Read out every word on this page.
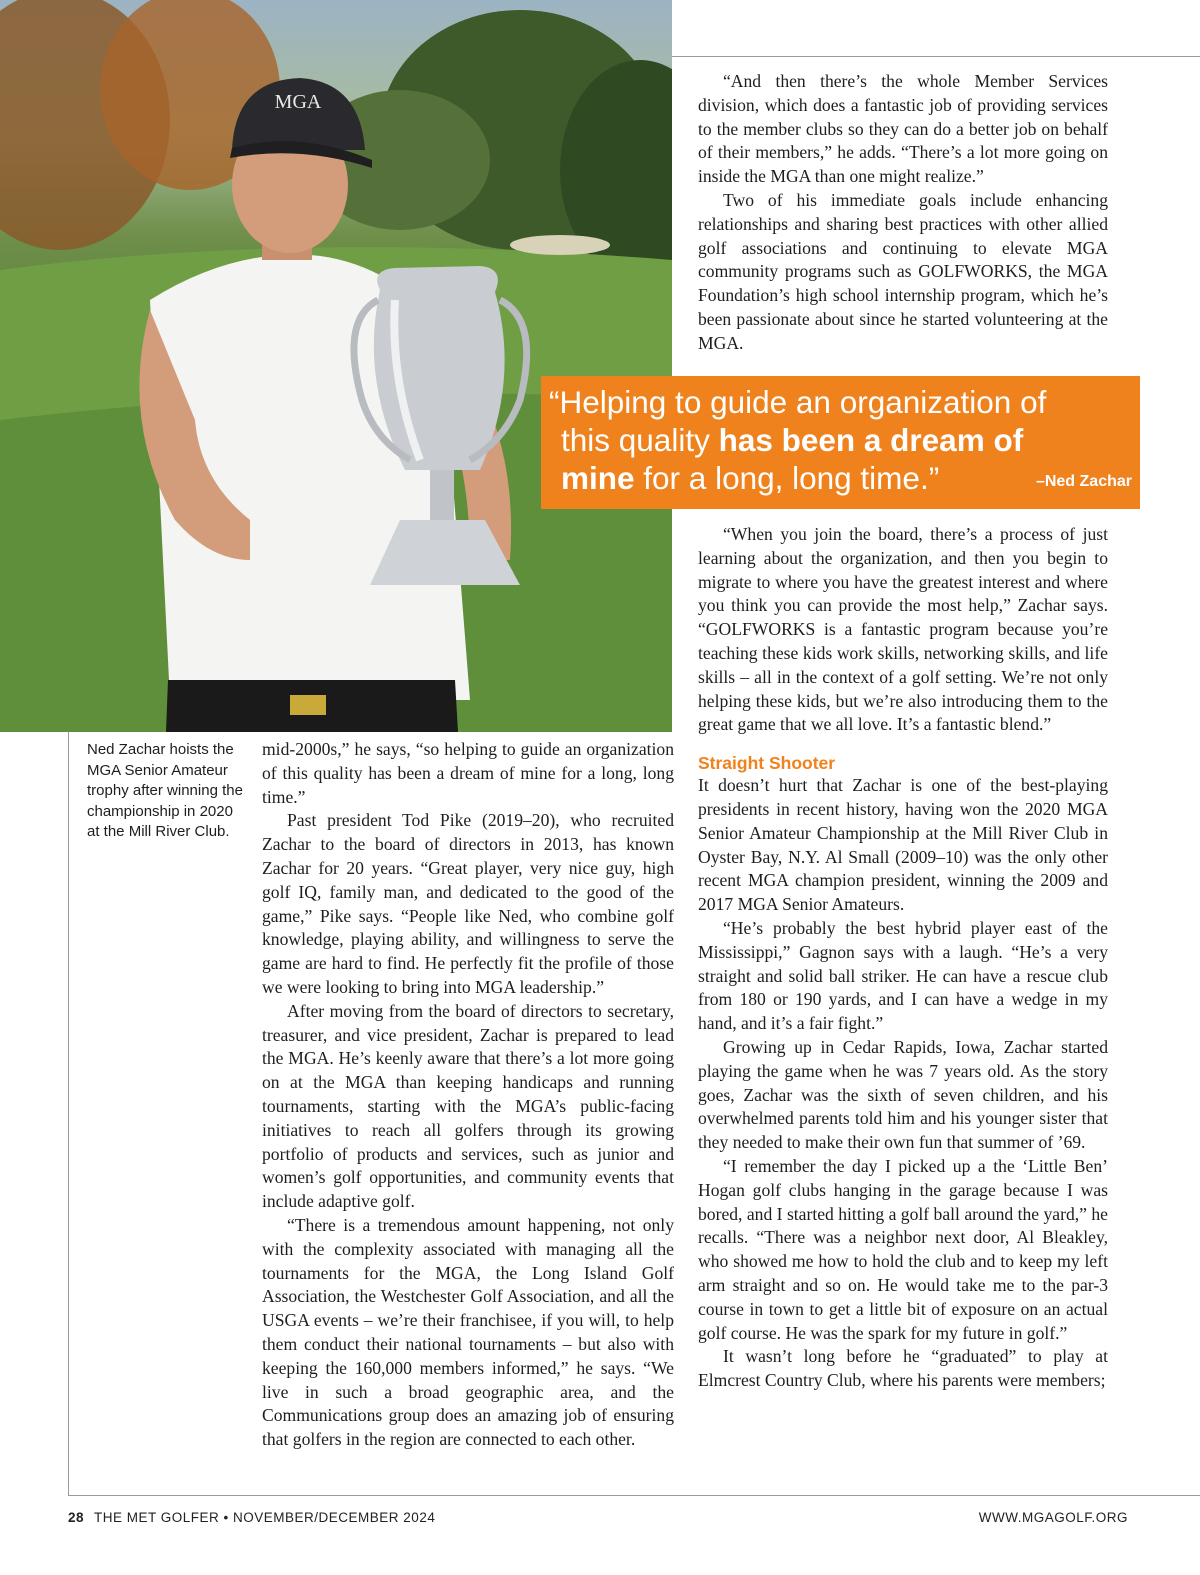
MGA
Ned Zachar hoists the MGA Senior Amateur trophy after winning the championship in 2020 at the Mill River Club.

mid-2000s,” he says, “so helping to guide an organization of this quality has been a dream of mine for a long, long time.”

Past president Tod Pike (2019–20), who recruited Zachar to the board of directors in 2013, has known Zachar for 20 years. “Great player, very nice guy, high golf IQ, family man, and dedicated to the good of the game,” Pike says. “People like Ned, who combine golf knowledge, playing ability, and willingness to serve the game are hard to find. He perfectly fit the profile of those we were looking to bring into MGA leadership.”

After moving from the board of directors to secretary, treasurer, and vice president, Zachar is prepared to lead the MGA. He’s keenly aware that there’s a lot more going on at the MGA than keeping handicaps and running tournaments, starting with the MGA’s public-facing initiatives to reach all golfers through its growing portfolio of products and services, such as junior and women’s golf opportunities, and community events that include adaptive golf.

“There is a tremendous amount happening, not only with the complexity associated with managing all the tournaments for the MGA, the Long Island Golf Association, the Westchester Golf Association, and all the USGA events – we’re their franchisee, if you will, to help them conduct their national tournaments – but also with keeping the 160,000 members informed,” he says. “We live in such a broad geographic area, and the Communications group does an amazing job of ensuring that golfers in the region are connected to each other.

“And then there’s the whole Member Services division, which does a fantastic job of providing services to the member clubs so they can do a better job on behalf of their members,” he adds. “There’s a lot more going on inside the MGA than one might realize.”

Two of his immediate goals include enhancing relationships and sharing best practices with other allied golf associations and continuing to elevate MGA community programs such as GOLFWORKS, the MGA Foundation’s high school internship program, which he’s been passionate about since he started volunteering at the MGA.

“Helping to guide an organization of
this quality has been a dream of
mine for a long, long time.”	–Ned Zachar

“When you join the board, there’s a process of just learning about the organization, and then you begin to migrate to where you have the greatest interest and where you think you can provide the most help,” Zachar says. “GOLFWORKS is a fantastic program because you’re teaching these kids work skills, networking skills, and life skills – all in the context of a golf setting. We’re not only helping these kids, but we’re also introducing them to the great game that we all love. It’s a fantastic blend.”

Straight Shooter

It doesn’t hurt that Zachar is one of the best-playing presidents in recent history, having won the 2020 MGA Senior Amateur Championship at the Mill River Club in Oyster Bay, N.Y. Al Small (2009–10) was the only other recent MGA champion president, winning the 2009 and 2017 MGA Senior Amateurs.

“He’s probably the best hybrid player east of the Mississippi,” Gagnon says with a laugh. “He’s a very straight and solid ball striker. He can have a rescue club from 180 or 190 yards, and I can have a wedge in my hand, and it’s a fair fight.”

Growing up in Cedar Rapids, Iowa, Zachar started playing the game when he was 7 years old. As the story goes, Zachar was the sixth of seven children, and his overwhelmed parents told him and his younger sister that they needed to make their own fun that summer of ’69.

“I remember the day I picked up a the ‘Little Ben’ Hogan golf clubs hanging in the garage because I was bored, and I started hitting a golf ball around the yard,” he recalls. “There was a neighbor next door, Al Bleakley, who showed me how to hold the club and to keep my left arm straight and so on. He would take me to the par-3 course in town to get a little bit of exposure on an actual golf course. He was the spark for my future in golf.”

It wasn’t long before he “graduated” to play at Elmcrest Country Club, where his parents were members;

28 THE MET GOLFER • NOVEMBER/DECEMBER 2024	WWW.MGAGOLF.ORG
